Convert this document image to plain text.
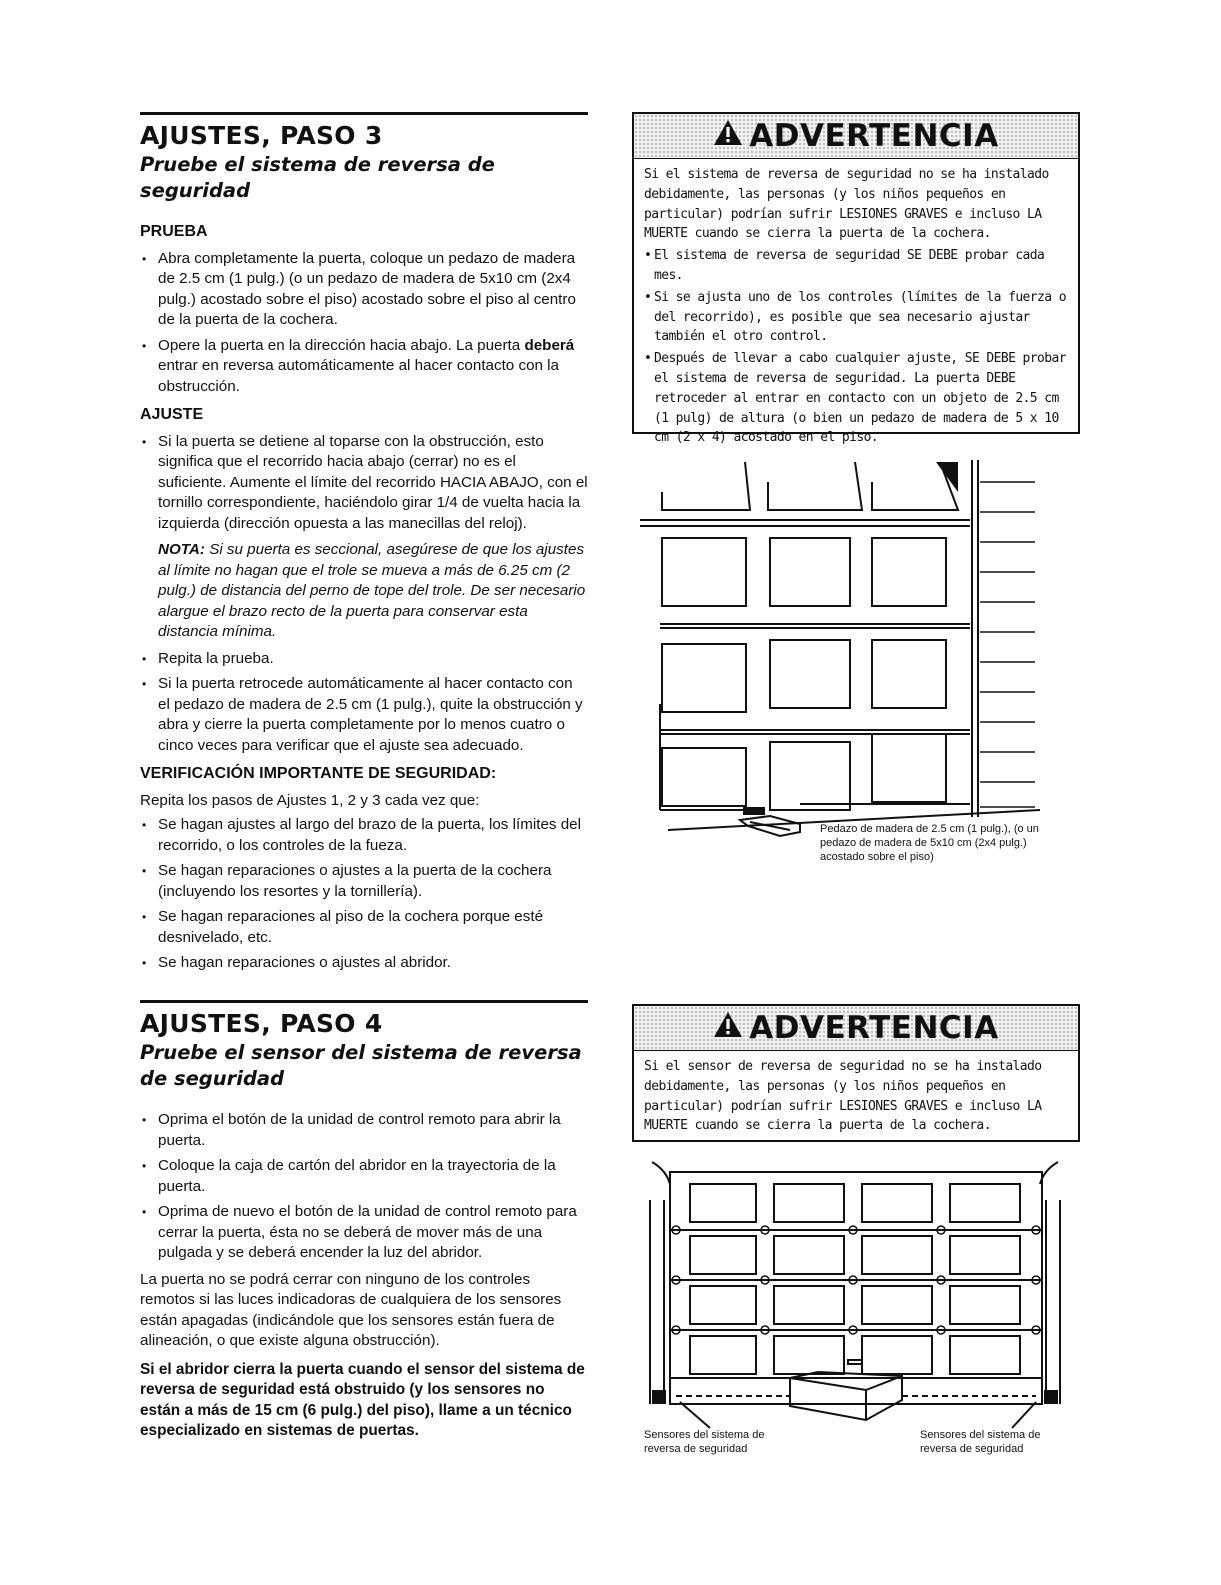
AJUSTES, PASO 3
Pruebe el sistema de reversa de seguridad
PRUEBA
• Abra completamente la puerta, coloque un pedazo de madera de 2.5 cm (1 pulg.) (o un pedazo de madera de 5x10 cm (2x4 pulg.) acostado sobre el piso) acostado sobre el piso al centro de la puerta de la cochera.
• Opere la puerta en la dirección hacia abajo. La puerta deberá entrar en reversa automáticamente al hacer contacto con la obstrucción.
AJUSTE
• Si la puerta se detiene al toparse con la obstrucción, esto significa que el recorrido hacia abajo (cerrar) no es el suficiente. Aumente el límite del recorrido HACIA ABAJO, con el tornillo correspondiente, haciéndolo girar 1/4 de vuelta hacia la izquierda (dirección opuesta a las manecillas del reloj).
NOTA: Si su puerta es seccional, asegúrese de que los ajustes al límite no hagan que el trole se mueva a más de 6.25 cm (2 pulg.) de distancia del perno de tope del trole. De ser necesario alargue el brazo recto de la puerta para conservar esta distancia mínima.
• Repita la prueba.
• Si la puerta retrocede automáticamente al hacer contacto con el pedazo de madera de 2.5 cm (1 pulg.), quite la obstrucción y abra y cierre la puerta completamente por lo menos cuatro o cinco veces para verificar que el ajuste sea adecuado.
VERIFICACIÓN IMPORTANTE DE SEGURIDAD:

Repita los pasos de Ajustes 1, 2 y 3 cada vez que:

• Se hagan ajustes al largo del brazo de la puerta, los límites del recorrido, o los controles de la fueza.
• Se hagan reparaciones o ajustes a la puerta de la cochera (incluyendo los resortes y la tornillería).
• Se hagan reparaciones al piso de la cochera porque esté desnivelado, etc.
• Se hagan reparaciones o ajustes al abridor.
AJUSTES, PASO 4
Pruebe el sensor del sistema de reversa de seguridad
• Oprima el botón de la unidad de control remoto para abrir la puerta.
• Coloque la caja de cartón del abridor en la trayectoria de la puerta.
• Oprima de nuevo el botón de la unidad de control remoto para cerrar la puerta, ésta no se deberá de mover más de una pulgada y se deberá encender la luz del abridor.

La puerta no se podrá cerrar con ninguno de los controles remotos si las luces indicadoras de cualquiera de los sensores están apagadas (indicándole que los sensores están fuera de alineación, o que existe alguna obstrucción).

Si el abridor cierra la puerta cuando el sensor del sistema de reversa de seguridad está obstruido (y los sensores no están a más de 15 cm (6 pulg.) del piso), llame a un técnico especializado en sistemas de puertas.
ADVERTENCIA

Si el sistema de reversa de seguridad no se ha instalado debidamente, las personas (y los niños pequeños en particular) podrían sufrir LESIONES GRAVES e incluso LA MUERTE cuando se cierra la puerta de la cochera.

• El sistema de reversa de seguridad SE DEBE probar cada mes.
• Si se ajusta uno de los controles (límites de la fuerza o del recorrido), es posible que sea necesario ajustar también el otro control.
• Después de llevar a cabo cualquier ajuste, SE DEBE probar el sistema de reversa de seguridad. La puerta DEBE retroceder al entrar en contacto con un objeto de 2.5 cm (1 pulg) de altura (o bien un pedazo de madera de 5 x 10 cm (2 x 4) acostado en el piso.
Pedazo de madera de 2.5 cm (1 pulg.), (o un pedazo de madera de 5x10 cm (2x4 pulg.) acostado sobre el piso)
ADVERTENCIA

Si el sensor de reversa de seguridad no se ha instalado debidamente, las personas (y los niños pequeños en particular) podrían sufrir LESIONES GRAVES e incluso LA MUERTE cuando se cierra la puerta de la cochera.

Sensores del sistema de reversa de seguridad
Sensores del sistema de reversa de seguridad
